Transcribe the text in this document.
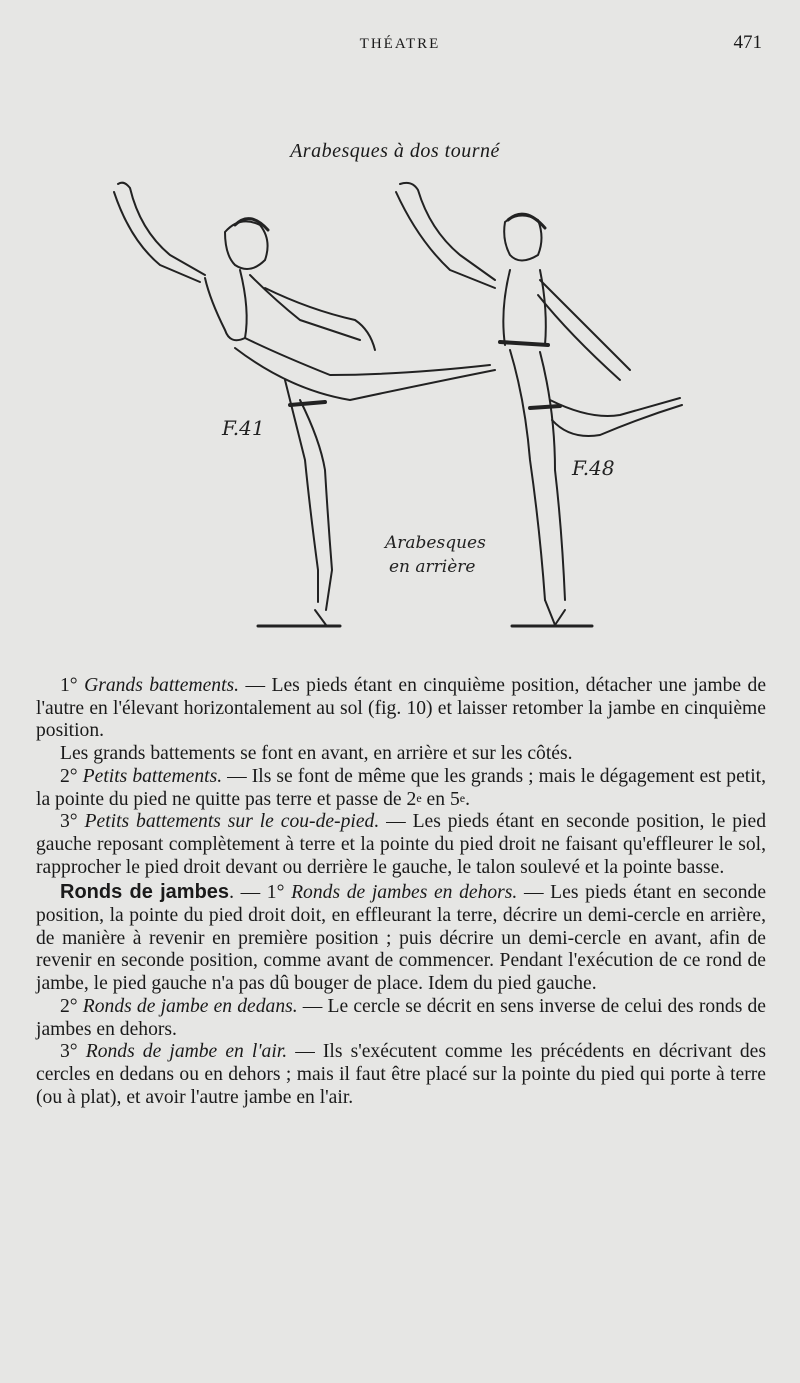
THÉATRE	471
Arabesques à dos tourné
F.41
F.48
Arabesques
en arrière

1° Grands battements. — Les pieds étant en cinquième position, détacher une jambe de l'autre en l'élevant horizontalement au sol (fig. 10) et laisser retomber la jambe en cinquième position.

Les grands battements se font en avant, en arrière et sur les côtés.

2° Petits battements. — Ils se font de même que les grands ; mais le dégagement est petit, la pointe du pied ne quitte pas terre et passe de 2e en 5e.

3° Petits battements sur le cou-de-pied. — Les pieds étant en seconde position, le pied gauche reposant complètement à terre et la pointe du pied droit ne faisant qu'effleurer le sol, rapprocher le pied droit devant ou derrière le gauche, le talon soulevé et la pointe basse.

Ronds de jambes. — 1° Ronds de jambes en dehors. — Les pieds étant en seconde position, la pointe du pied droit doit, en effleurant la terre, décrire un demi-cercle en arrière, de manière à revenir en première position ; puis décrire un demi-cercle en avant, afin de revenir en seconde position, comme avant de commencer. Pendant l'exécution de ce rond de jambe, le pied gauche n'a pas dû bouger de place. Idem du pied gauche.

2° Ronds de jambe en dedans. — Le cercle se décrit en sens inverse de celui des ronds de jambes en dehors.

3° Ronds de jambe en l'air. — Ils s'exécutent comme les précédents en décrivant des cercles en dedans ou en dehors ; mais il faut être placé sur la pointe du pied qui porte à terre (ou à plat), et avoir l'autre jambe en l'air.
